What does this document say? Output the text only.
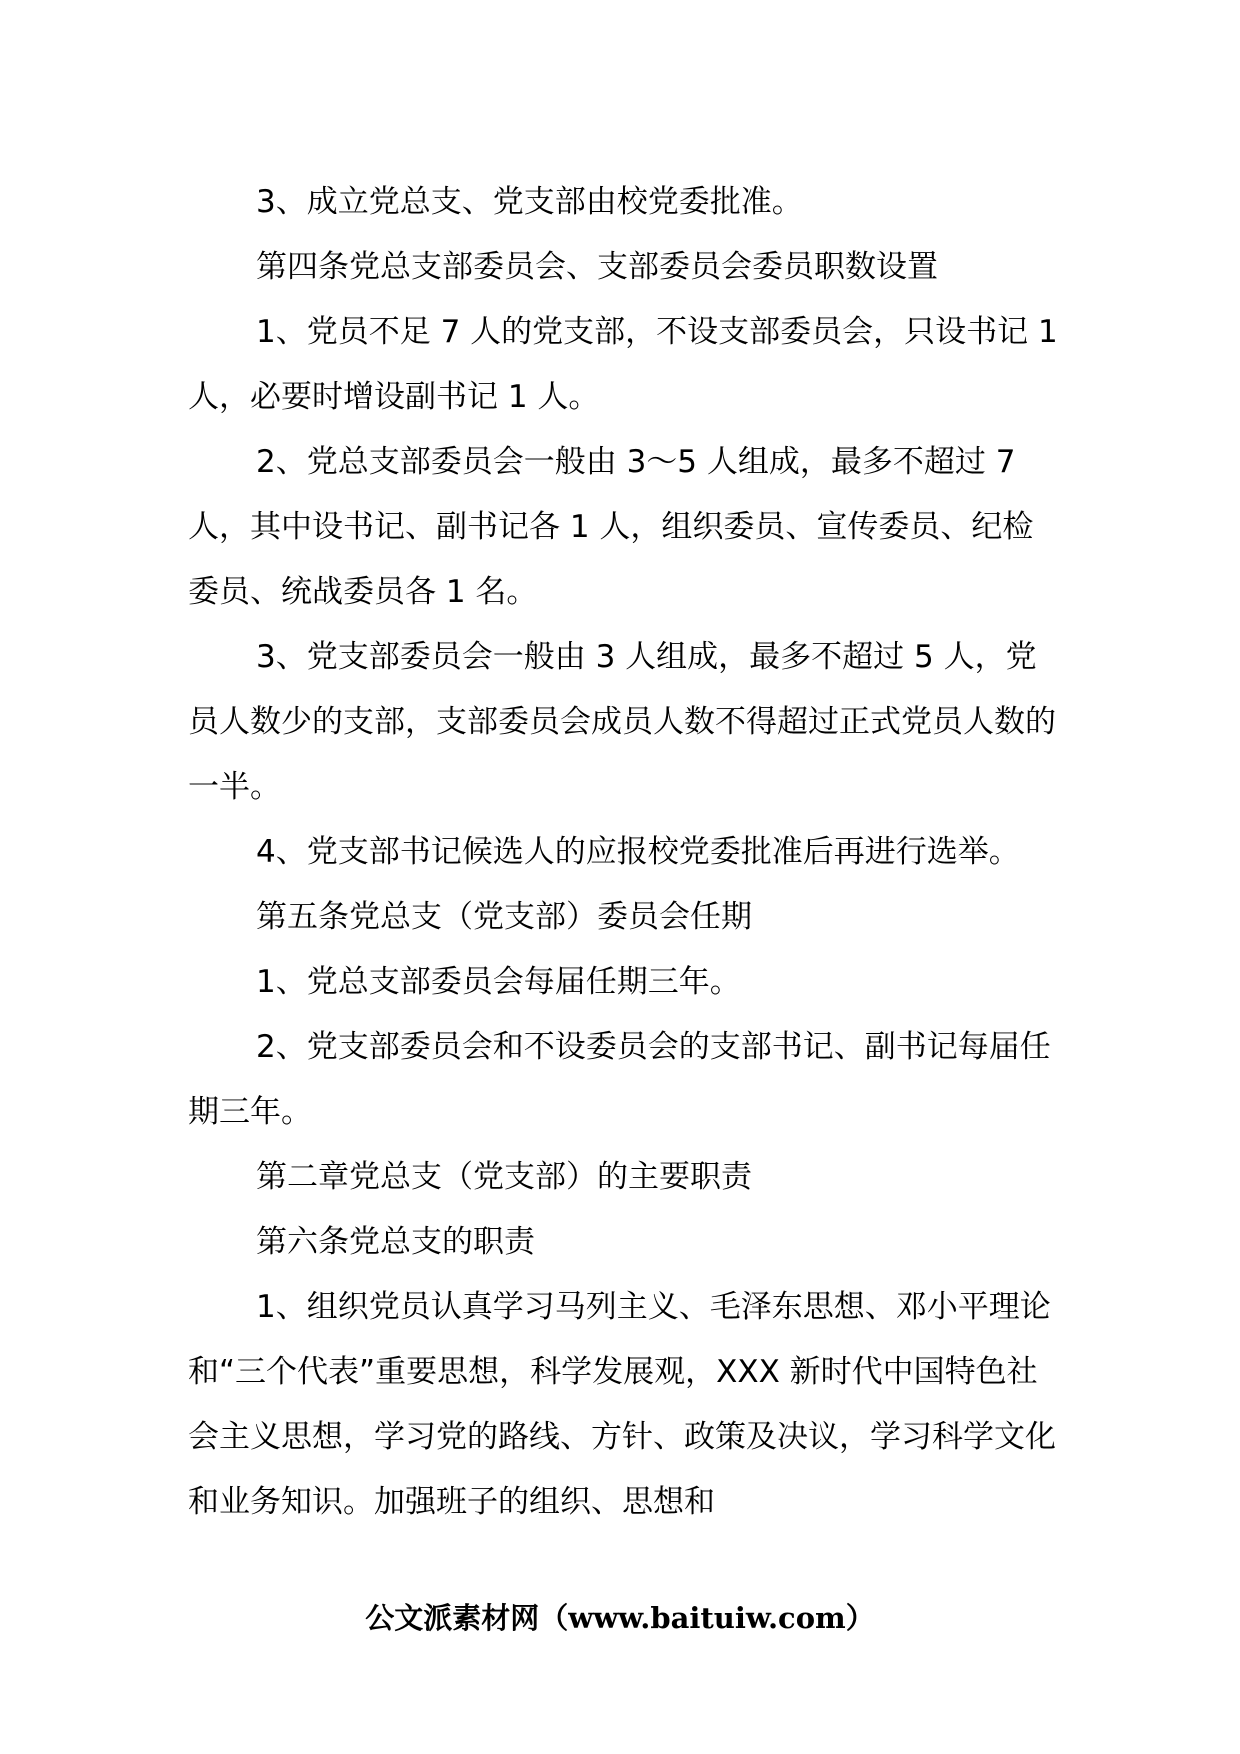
3、成立党总支、党支部由校党委批准。

第四条党总支部委员会、支部委员会委员职数设置

1、党员不足 7 人的党支部，不设支部委员会，只设书记 1 人，必要时增设副书记 1 人。

2、党总支部委员会一般由 3～5 人组成，最多不超过 7 人，其中设书记、副书记各 1 人，组织委员、宣传委员、纪检委员、统战委员各 1 名。

3、党支部委员会一般由 3 人组成，最多不超过 5 人，党员人数少的支部，支部委员会成员人数不得超过正式党员人数的一半。

4、党支部书记候选人的应报校党委批准后再进行选举。

第五条党总支（党支部）委员会任期

1、党总支部委员会每届任期三年。

2、党支部委员会和不设委员会的支部书记、副书记每届任期三年。

第二章党总支（党支部）的主要职责

第六条党总支的职责

1、组织党员认真学习马列主义、毛泽东思想、邓小平理论和“三个代表”重要思想，科学发展观，XXX 新时代中国特色社会主义思想，学习党的路线、方针、政策及决议，学习科学文化和业务知识。加强班子的组织、思想和

公文派素材网（www.baituiw.com）
